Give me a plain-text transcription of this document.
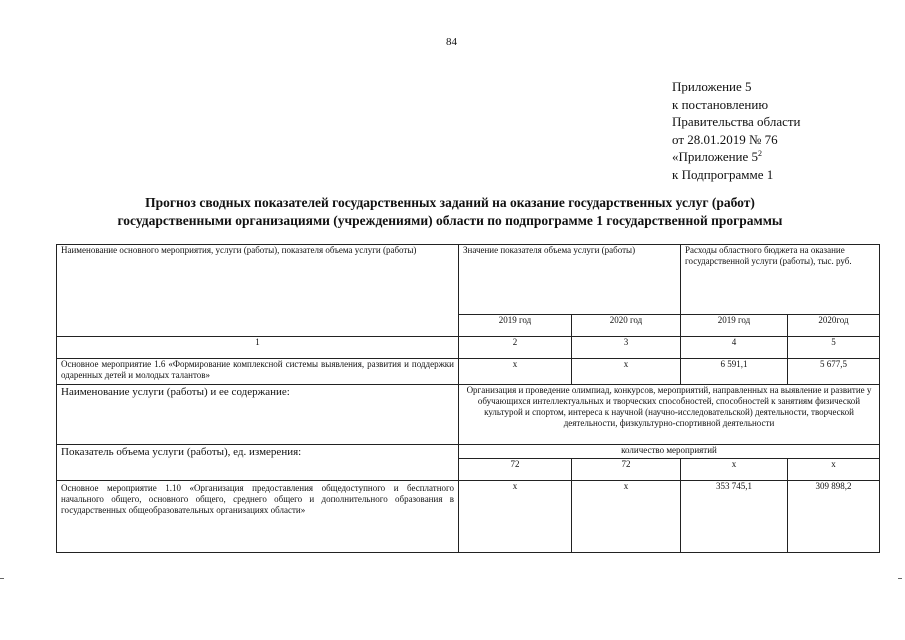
84
Приложение 5
к постановлению
Правительства области
от 28.01.2019 № 76
«Приложение $5^2$
к Подпрограмме 1
Прогноз сводных показателей государственных заданий на оказание государственных услуг (работ)
государственными организациями (учреждениями) области по подпрограмме 1 государственной программы
Наименование основного мероприятия, услуги (работы), показателя объема услуги (работы)	Значение показателя объема услуги (работы)		Расходы областного бюджета на оказание государственной услуги (работы), тыс. руб.	
	2019 год	2020 год	2019 год	2020год
1	2	3	4	5
Основное мероприятие 1.6 «Формирование комплексной системы выявления, развития и поддержки одаренных детей и молодых талантов»	х	х	6 591,1	5 677,5
Наименование услуги (работы) и ее содержание:	Организация и проведение олимпиад, конкурсов, мероприятий, направленных на выявление и развитие у обучающихся интеллектуальных и творческих способностей, способностей к занятиям физической культурой и спортом, интереса к научной (научно-исследовательской) деятельности, творческой деятельности, физкультурно-спортивной деятельности			
Показатель объема услуги (работы), ед. измерения:	количество мероприятий			
	72	72	х	х
Основное мероприятие 1.10 «Организация предоставления общедоступного и бесплатного начального общего, основного общего, среднего общего и дополнительного образования в государственных общеобразовательных организациях области»	х	х	353 745,1	309 898,2
